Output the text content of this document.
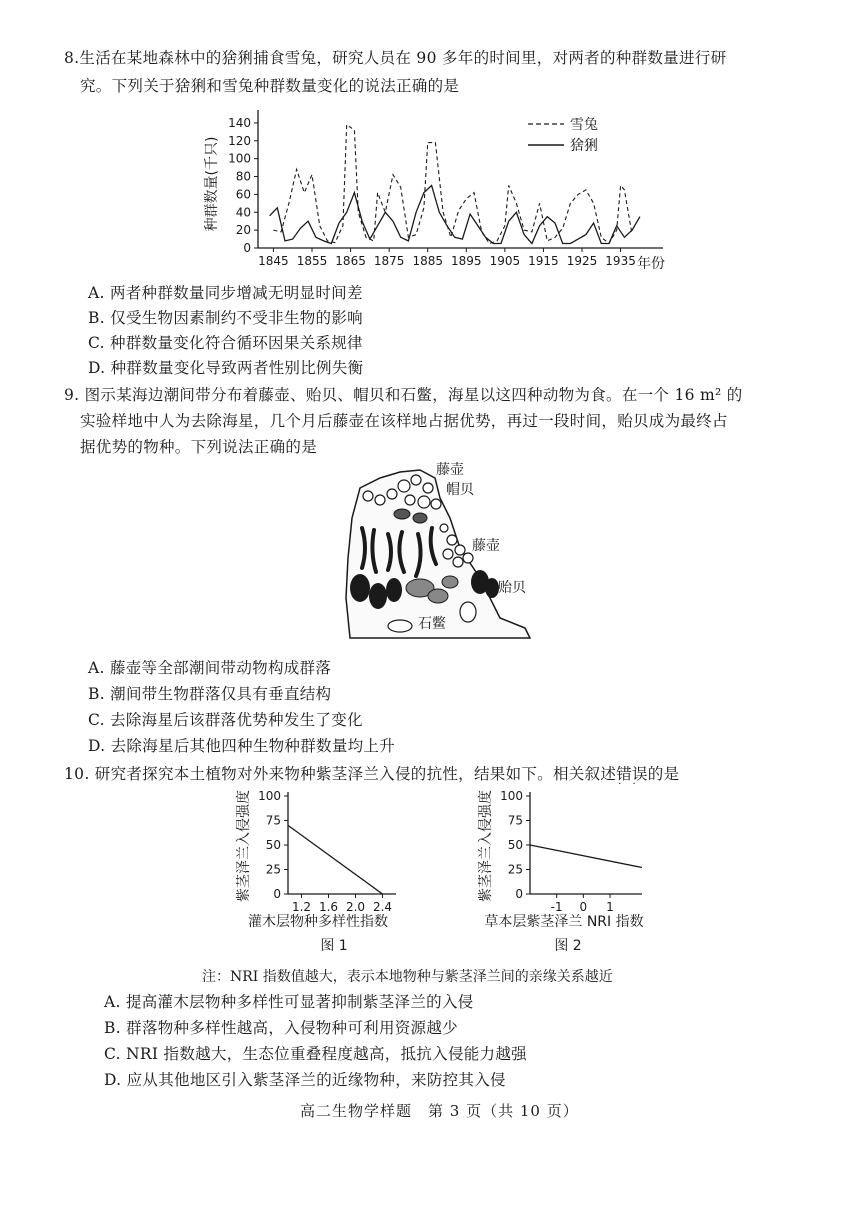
8.生活在某地森林中的猞猁捕食雪兔，研究人员在 90 多年的时间里，对两者的种群数量进行研
究。下列关于猞猁和雪兔种群数量变化的说法正确的是
0
20
40
60
80
100
120
140
1845 1855 1865 1875 1885 1895 1905 1915 1925 1935
种群数量(千只)
年份
雪兔
猞猁
A. 两者种群数量同步增减无明显时间差
B. 仅受生物因素制约不受非生物的影响
C. 种群数量变化符合循环因果关系规律
D. 种群数量变化导致两者性别比例失衡
9. 图示某海边潮间带分布着藤壶、贻贝、帽贝和石鳖，海星以这四种动物为食。在一个 16 m² 的
实验样地中人为去除海星，几个月后藤壶在该样地占据优势，再过一段时间，贻贝成为最终占
据优势的物种。下列说法正确的是
藤壶
帽贝
藤壶
贻贝
石鳖
A. 藤壶等全部潮间带动物构成群落
B. 潮间带生物群落仅具有垂直结构
C. 去除海星后该群落优势种发生了变化
D. 去除海星后其他四种生物种群数量均上升
10. 研究者探究本土植物对外来物种紫茎泽兰入侵的抗性，结果如下。相关叙述错误 · ·的是
0
25
50
75
100
1.2 1.6 2.0 2.4
紫茎泽兰入侵强度
灌木层物种多样性指数
图 1
0
25
50
75
100
-1 0 1
紫茎泽兰入侵强度
草本层紫茎泽兰 NRI 指数
图 2
注：NRI 指数值越大，表示本地物种与紫茎泽兰间的亲缘关系越近
A. 提高灌木层物种多样性可显著抑制紫茎泽兰的入侵
B. 群落物种多样性越高，入侵物种可利用资源越少
C. NRI 指数越大，生态位重叠程度越高，抵抗入侵能力越强
D. 应从其他地区引入紫茎泽兰的近缘物种，来防控其入侵
高二生物学样题　第 3 页（共 10 页）
